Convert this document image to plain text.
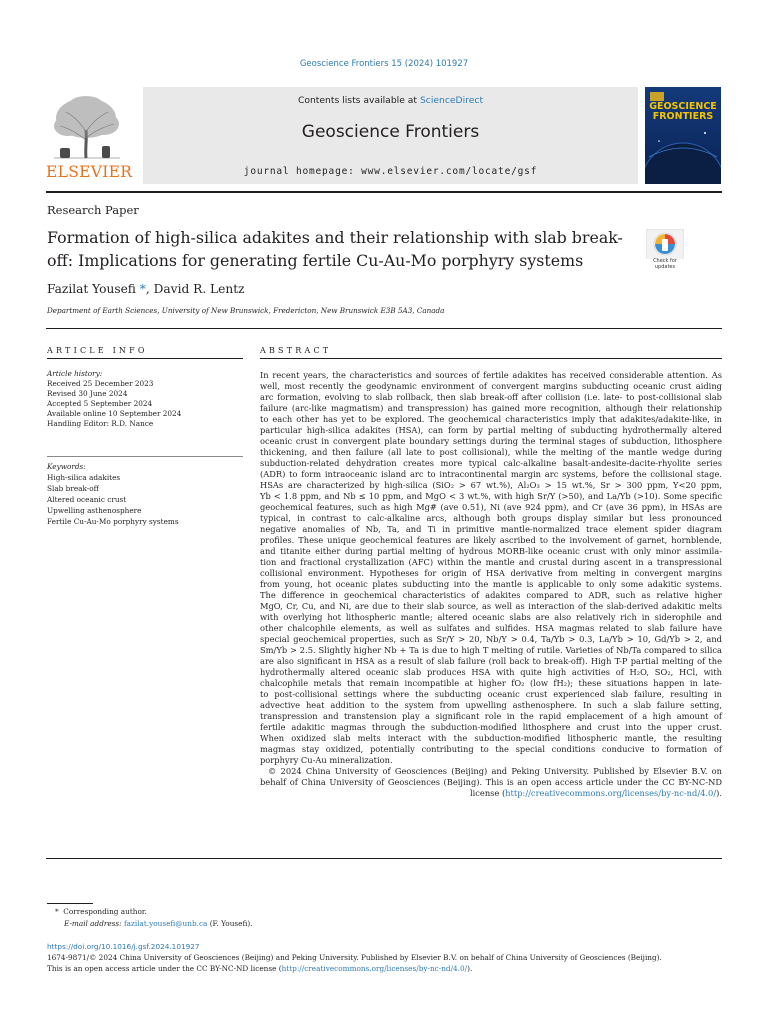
Geoscience Frontiers 15 (2024) 101927
Contents lists available at ScienceDirect
Geoscience Frontiers
journal homepage: www.elsevier.com/locate/gsf
ELSEVIER
GEOSCIENCE
FRONTIERS
Research Paper
Formation of high-silica adakites and their relationship with slab break-
off: Implications for generating fertile Cu-Au-Mo porphyry systems	Check for updates
Fazilat Yousefi *, David R. Lentz
Department of Earth Sciences, University of New Brunswick, Fredericton, New Brunswick E3B 5A3, Canada
ARTICLE INFO
Article history:
Received 25 December 2023
Revised 30 June 2024
Accepted 5 September 2024
Available online 10 September 2024
Handling Editor: R.D. Nance
Keywords:
High-silica adakites
Slab break-off
Altered oceanic crust
Upwelling asthenosphere
Fertile Cu-Au-Mo porphyry systems
ABSTRACT
In recent years, the characteristics and sources of fertile adakites has received considerable attention. As
well, most recently the geodynamic environment of convergent margins subducting oceanic crust aiding
arc formation, evolving to slab rollback, then slab break-off after collision (i.e. late- to post-collisional slab
failure (arc-like magmatism) and transpression) has gained more recognition, although their relationship
to each other has yet to be explored. The geochemical characteristics imply that adakites/adakite-like, in
particular high-silica adakites (HSA), can form by partial melting of subducting hydrothermally altered
oceanic crust in convergent plate boundary settings during the terminal stages of subduction, lithosphere
thickening, and then failure (all late to post collisional), while the melting of the mantle wedge during
subduction-related dehydration creates more typical calc-alkaline basalt-andesite-dacite-rhyolite series
(ADR) to form intraoceanic island arc to intracontinental margin arc systems, before the collisional stage.
HSAs are characterized by high-silica (SiO₂ > 67 wt.%), Al₂O₃ > 15 wt.%, Sr > 300 ppm, Y<20 ppm,
Yb < 1.8 ppm, and Nb ≤ 10 ppm, and MgO < 3 wt.%, with high Sr/Y (>50), and La/Yb (>10). Some specific
geochemical features, such as high Mg# (ave 0.51), Ni (ave 924 ppm), and Cr (ave 36 ppm), in HSAs are
typical, in contrast to calc-alkaline arcs, although both groups display similar but less pronounced
negative anomalies of Nb, Ta, and Ti in primitive mantle-normalized trace element spider diagram
profiles. These unique geochemical features are likely ascribed to the involvement of garnet, hornblende,
and titanite either during partial melting of hydrous MORB-like oceanic crust with only minor assimila-
tion and fractional crystallization (AFC) within the mantle and crustal during ascent in a transpressional
collisional environment. Hypotheses for origin of HSA derivative from melting in convergent margins
from young, hot oceanic plates subducting into the mantle is applicable to only some adakitic systems.
The difference in geochemical characteristics of adakites compared to ADR, such as relative higher
MgO, Cr, Cu, and Ni, are due to their slab source, as well as interaction of the slab-derived adakitic melts
with overlying hot lithospheric mantle; altered oceanic slabs are also relatively rich in siderophile and
other chalcophile elements, as well as sulfates and sulfides. HSA magmas related to slab failure have
special geochemical properties, such as Sr/Y > 20, Nb/Y > 0.4, Ta/Yb > 0.3, La/Yb > 10, Gd/Yb > 2, and
Sm/Yb > 2.5. Slightly higher Nb + Ta is due to high T melting of rutile. Varieties of Nb/Ta compared to silica
are also significant in HSA as a result of slab failure (roll back to break-off). High T-P partial melting of the
hydrothermally altered oceanic slab produces HSA with quite high activities of H₂O, SO₂, HCl, with
chalcophile metals that remain incompatible at higher fO₂ (low fH₂); these situations happen in late-
to post-collisional settings where the subducting oceanic crust experienced slab failure, resulting in
advective heat addition to the system from upwelling asthenosphere. In such a slab failure setting,
transpression and transtension play a significant role in the rapid emplacement of a high amount of
fertile adakitic magmas through the subduction-modified lithosphere and crust into the upper crust.
When oxidized slab melts interact with the subduction-modified lithospheric mantle, the resulting
magmas stay oxidized, potentially contributing to the special conditions conducive to formation of
porphyry Cu-Au mineralization.
© 2024 China University of Geosciences (Beijing) and Peking University. Published by Elsevier B.V. on
behalf of China University of Geosciences (Beijing). This is an open access article under the CC BY-NC-ND
license (http://creativecommons.org/licenses/by-nc-nd/4.0/).
* Corresponding author.
E-mail address: fazilat.yousefi@unb.ca (F. Yousefi).
https://doi.org/10.1016/j.gsf.2024.101927
1674-9871/© 2024 China University of Geosciences (Beijing) and Peking University. Published by Elsevier B.V. on behalf of China University of Geosciences (Beijing).
This is an open access article under the CC BY-NC-ND license (http://creativecommons.org/licenses/by-nc-nd/4.0/).
